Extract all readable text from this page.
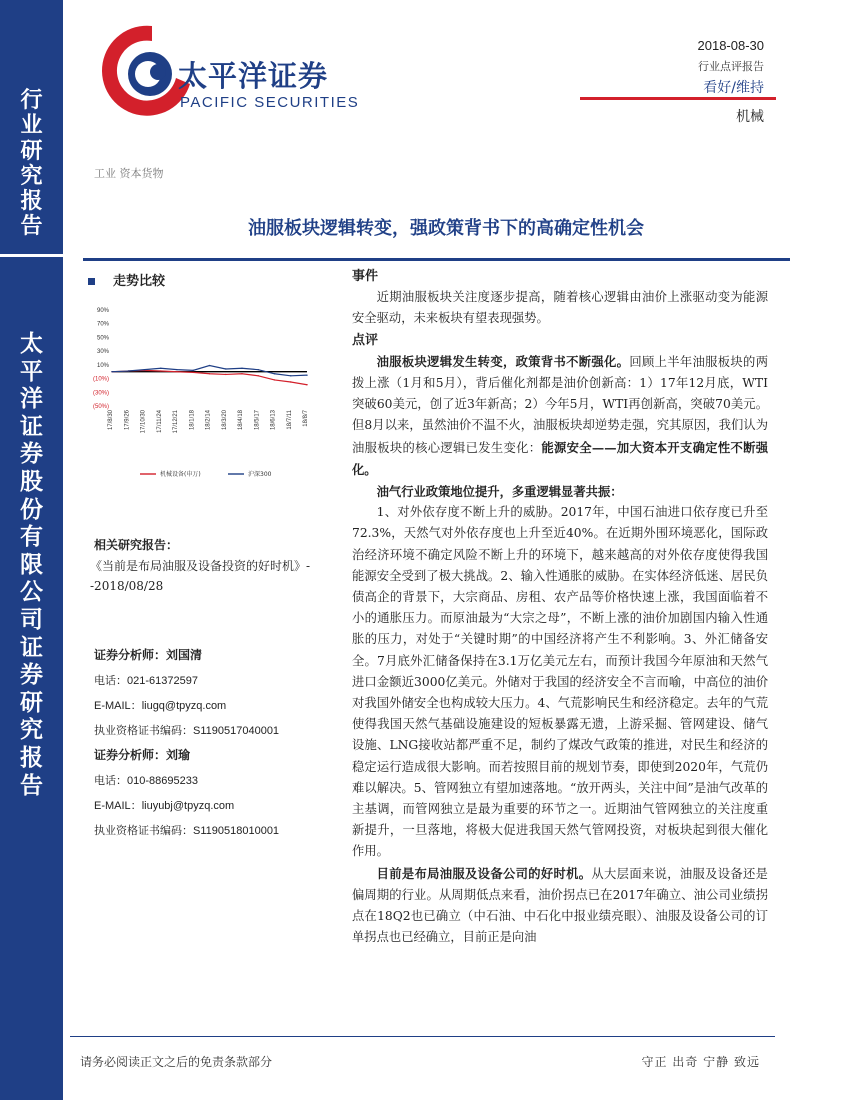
行
业
研
究
报
告
太
平
洋
证
券
股
份
有
限
公
司
证
券
研
究
报
告
太平洋证券
PACIFIC SECURITIES
2018-08-30
行业点评报告
看好/维持
机械
工业 资本货物
油服板块逻辑转变，强政策背书下的高确定性机会
走势比较
90%
70%
50%
30%
10%
(10%)
(30%)
(50%)
17/8/30 17/9/26 17/10/30 17/11/24 17/12/21 18/1/18 18/2/14 18/3/20 18/4/18 18/5/17 18/6/13 18/7/11 18/8/7
机械设备(申万)	沪深300
相关研究报告：
《当前是布局油服及设备投资的好时机》--2018/08/28
证券分析师：刘国清
电话：021-61372597
E-MAIL：liugq@tpyzq.com
执业资格证书编码：S1190517040001
证券分析师：刘瑜
电话：010-88695233
E-MAIL：liuyubj@tpyzq.com
执业资格证书编码：S1190518010001
事件

近期油服板块关注度逐步提高，随着核心逻辑由油价上涨驱动变为能源安全驱动，未来板块有望表现强势。

点评

油服板块逻辑发生转变，政策背书不断强化。回顾上半年油服板块的两拨上涨（1月和5月），背后催化剂都是油价创新高：1）17年12月底，WTI突破60美元，创了近3年新高；2）今年5月，WTI再创新高，突破70美元。但8月以来，虽然油价不温不火，油服板块却逆势走强，究其原因，我们认为油服板块的核心逻辑已发生变化：能源安全——加大资本开支确定性不断强化。

油气行业政策地位提升，多重逻辑显著共振：

1、对外依存度不断上升的威胁。2017年，中国石油进口依存度已升至72.3%，天然气对外依存度也上升至近40%。在近期外围环境恶化，国际政治经济环境不确定风险不断上升的环境下，越来越高的对外依存度使得我国能源安全受到了极大挑战。2、输入性通胀的威胁。在实体经济低迷、居民负债高企的背景下，大宗商品、房租、农产品等价格快速上涨，我国面临着不小的通胀压力。而原油最为“大宗之母”，不断上涨的油价加剧国内输入性通胀的压力，对处于“关键时期”的中国经济将产生不利影响。3、外汇储备安全。7月底外汇储备保持在3.1万亿美元左右，而预计我国今年原油和天然气进口金额近3000亿美元。外储对于我国的经济安全不言而喻，中高位的油价对我国外储安全也构成较大压力。4、气荒影响民生和经济稳定。去年的气荒使得我国天然气基础设施建设的短板暴露无遗，上游采掘、管网建设、储气设施、LNG接收站都严重不足，制约了煤改气政策的推进，对民生和经济的稳定运行造成很大影响。而若按照目前的规划节奏，即使到2020年，气荒仍难以解决。5、管网独立有望加速落地。“放开两头，关注中间”是油气改革的主基调，而管网独立是最为重要的环节之一。近期油气管网独立的关注度重新提升，一旦落地，将极大促进我国天然气管网投资，对板块起到很大催化作用。

目前是布局油服及设备公司的好时机。从大层面来说，油服及设备还是偏周期的行业。从周期低点来看，油价拐点已在2017年确立、油公司业绩拐点在18Q2也已确立（中石油、中石化中报业绩亮眼）、油服及设备公司的订单拐点也已经确立，目前正是向油

请务必阅读正文之后的免责条款部分	守正 出奇 宁静 致远
